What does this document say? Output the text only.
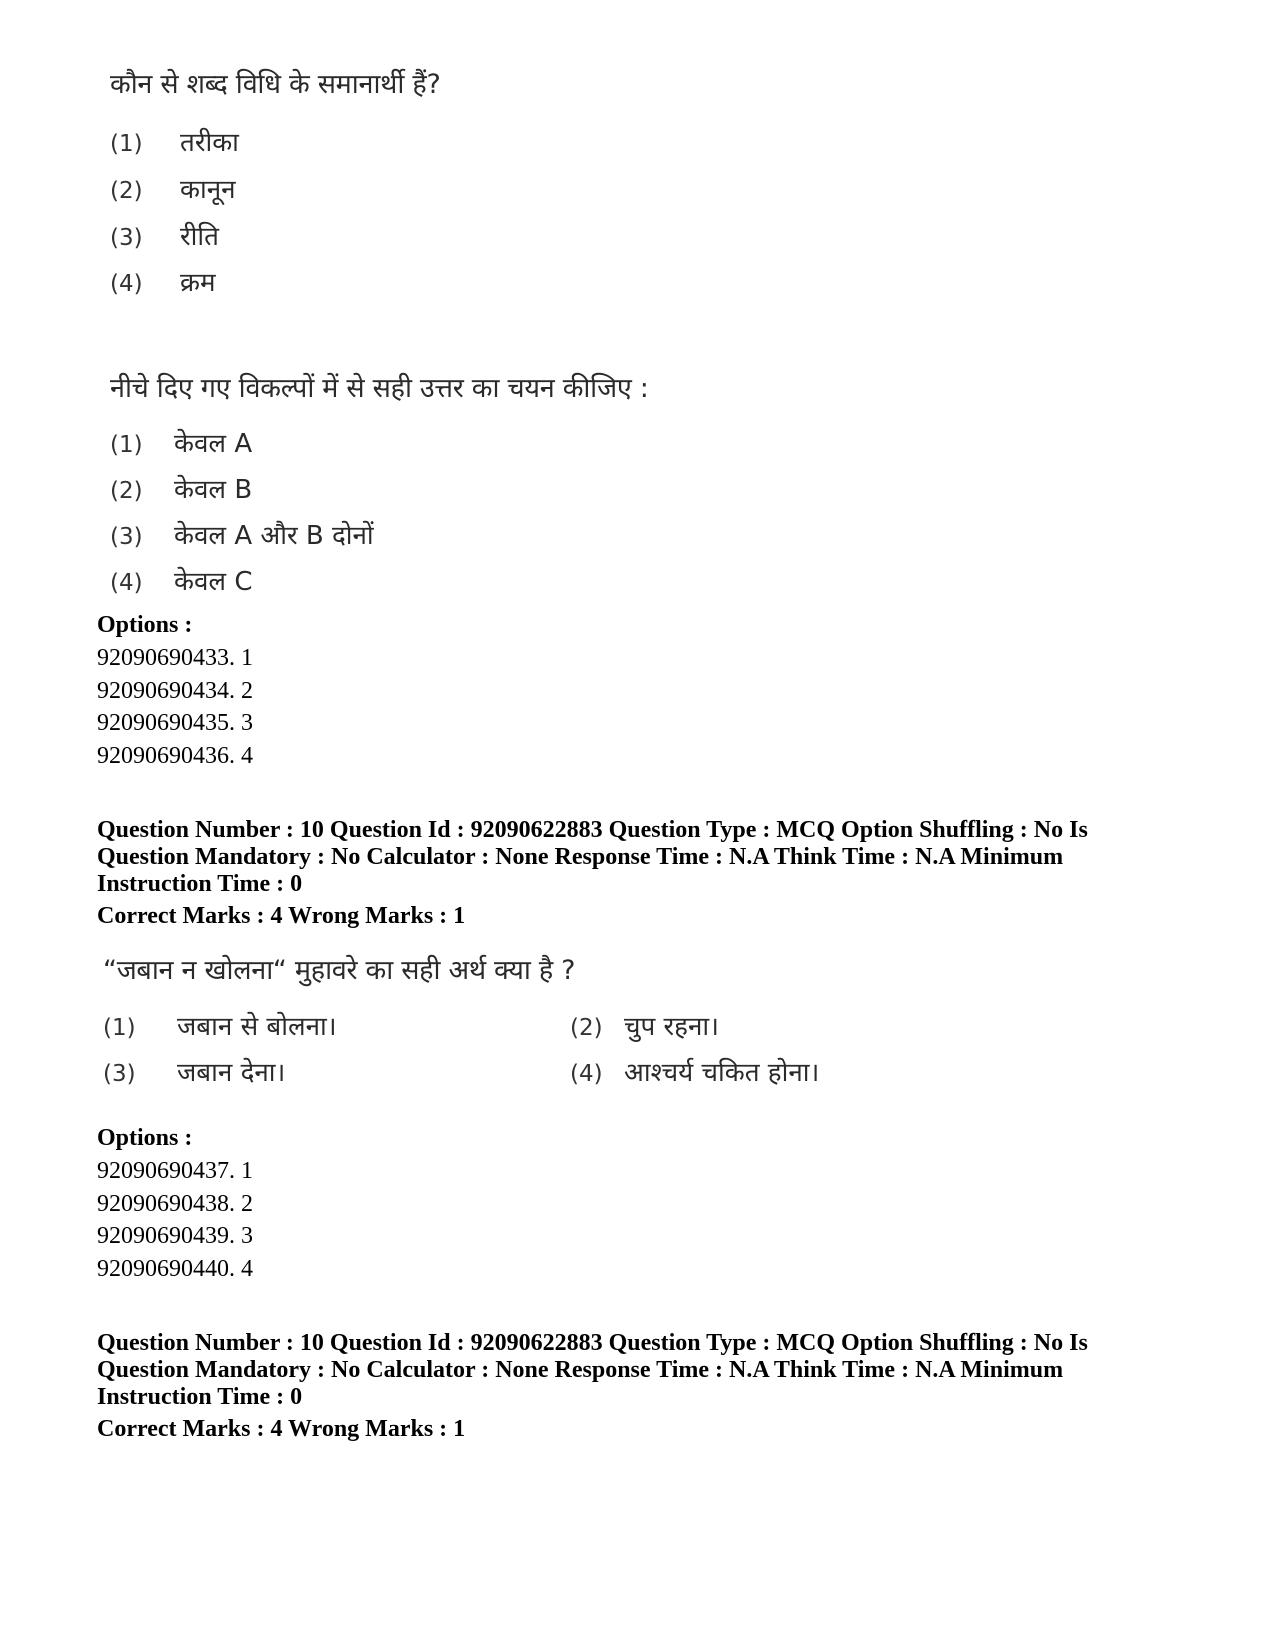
कौन से शब्द विधि के समानार्थी हैं?
(1) तरीका
(2) कानून
(3) रीति
(4) क्रम
नीचे दिए गए विकल्पों में से सही उत्तर का चयन कीजिए :
(1) केवल A
(2) केवल B
(3) केवल A और B दोनों
(4) केवल C
Options :
92090690433. 1
92090690434. 2
92090690435. 3
92090690436. 4
Question Number : 10 Question Id : 92090622883 Question Type : MCQ Option Shuffling : No Is
Question Mandatory : No Calculator : None Response Time : N.A Think Time : N.A Minimum
Instruction Time : 0
Correct Marks : 4 Wrong Marks : 1
“जबान न खोलना“ मुहावरे का सही अर्थ क्या है ?
(1) जबान से बोलना।	(2) चुप रहना।
(3) जबान देना।	(4) आश्चर्य चकित होना।
Options :
92090690437. 1
92090690438. 2
92090690439. 3
92090690440. 4
Question Number : 10 Question Id : 92090622883 Question Type : MCQ Option Shuffling : No Is
Question Mandatory : No Calculator : None Response Time : N.A Think Time : N.A Minimum
Instruction Time : 0
Correct Marks : 4 Wrong Marks : 1
